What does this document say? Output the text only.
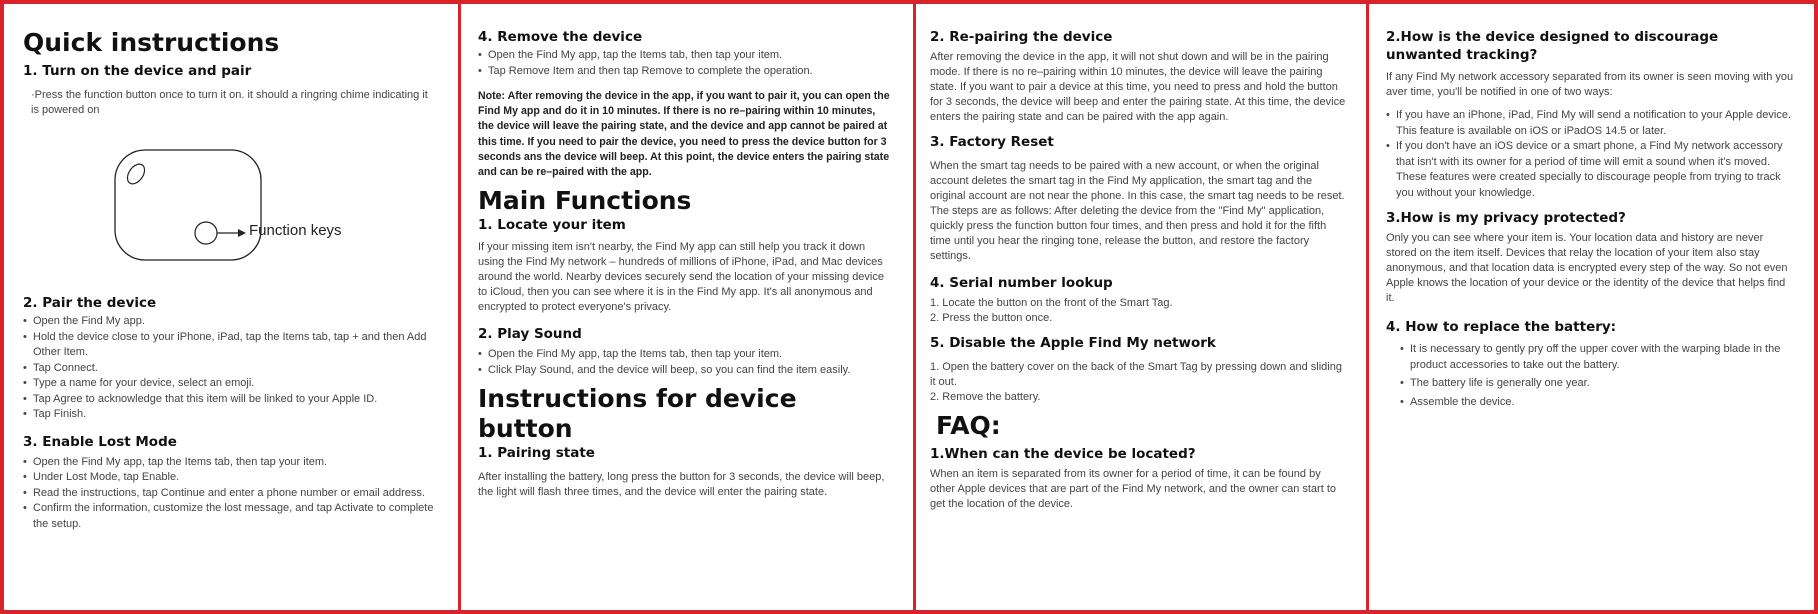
Quick instructions
1. Turn on the device and pair

·Press the function button once to turn it on. it should a ringring chime indicating it is powered on

Function keys
2. Pair the device
• Open the Find My app.
• Hold the device close to your iPhone, iPad, tap the Items tab, tap + and then Add Other Item.
• Tap Connect.
• Type a name for your device, select an emoji.
• Tap Agree to acknowledge that this item will be linked to your Apple ID.
• Tap Finish.
3. Enable Lost Mode
• Open the Find My app, tap the Items tab, then tap your item.
• Under Lost Mode, tap Enable.
• Read the instructions, tap Continue and enter a phone number or email address.
• Confirm the information, customize the lost message, and tap Activate to complete the setup.
4. Remove the device
• Open the Find My app, tap the Items tab, then tap your item.
• Tap Remove Item and then tap Remove to complete the operation.

Note: After removing the device in the app, if you want to pair it, you can open the Find My app and do it in 10 minutes. If there is no re–pairing within 10 minutes, the device will leave the pairing state, and the device and app cannot be paired at this time. If you need to pair the device, you need to press the device button for 3 seconds ans the device will beep. At this point, the device enters the pairing state and can be re–paired with the app.

Main Functions
1. Locate your item

If your missing item isn't nearby, the Find My app can still help you track it down using the Find My network – hundreds of millions of iPhone, iPad, and Mac devices around the world. Nearby devices securely send the location of your missing device to iCloud, then you can see where it is in the Find My app. It's all anonymous and encrypted to protect everyone's privacy.

2. Play Sound
• Open the Find My app, tap the Items tab, then tap your item.
• Click Play Sound, and the device will beep, so you can find the item easily.
Instructions for device button
1. Pairing state

After installing the battery, long press the button for 3 seconds, the device will beep, the light will flash three times, and the device will enter the pairing state.

2. Re-pairing the device

After removing the device in the app, it will not shut down and will be in the pairing mode. If there is no re–pairing within 10 minutes, the device will leave the pairing state. If you want to pair a device at this time, you need to press and hold the button for 3 seconds, the device will beep and enter the pairing state. At this time, the device enters the pairing state and can be paired with the app again.

3. Factory Reset

When the smart tag needs to be paired with a new account, or when the original account deletes the smart tag in the Find My application, the smart tag and the original account are not near the phone. In this case, the smart tag needs to be reset. The steps are as follows: After deleting the device from the "Find My" application, quickly press the function button four times, and then press and hold it for the fifth time until you hear the ringing tone, release the button, and restore the factory settings.

4. Serial number lookup

1. Locate the button on the front of the Smart Tag.

2. Press the button once.

5. Disable the Apple Find My network

1. Open the battery cover on the back of the Smart Tag by pressing down and sliding it out.

2. Remove the battery.

FAQ:
1.When can the device be located?

When an item is separated from its owner for a period of time, it can be found by other Apple devices that are part of the Find My network, and the owner can start to get the location of the device.

2.How is the device designed to discourage unwanted tracking?

If any Find My network accessory separated from its owner is seen moving with you aver time, you'll be notified in one of two ways:

• If you have an iPhone, iPad, Find My will send a notification to your Apple device. This feature is available on iOS or iPadOS 14.5 or later.
• If you don't have an iOS device or a smart phone, a Find My network accessory that isn't with its owner for a period of time will emit a sound when it's moved. These features were created specially to discourage people from trying to track you without your knowledge.
3.How is my privacy protected?

Only you can see where your item is. Your location data and history are never stored on the item itself. Devices that relay the location of your item also stay anonymous, and that location data is encrypted every step of the way. So not even Apple knows the location of your device or the identity of the device that helps find it.

4. How to replace the battery:
• It is necessary to gently pry off the upper cover with the warping blade in the product accessories to take out the battery.
• The battery life is generally one year.
• Assemble the device.
